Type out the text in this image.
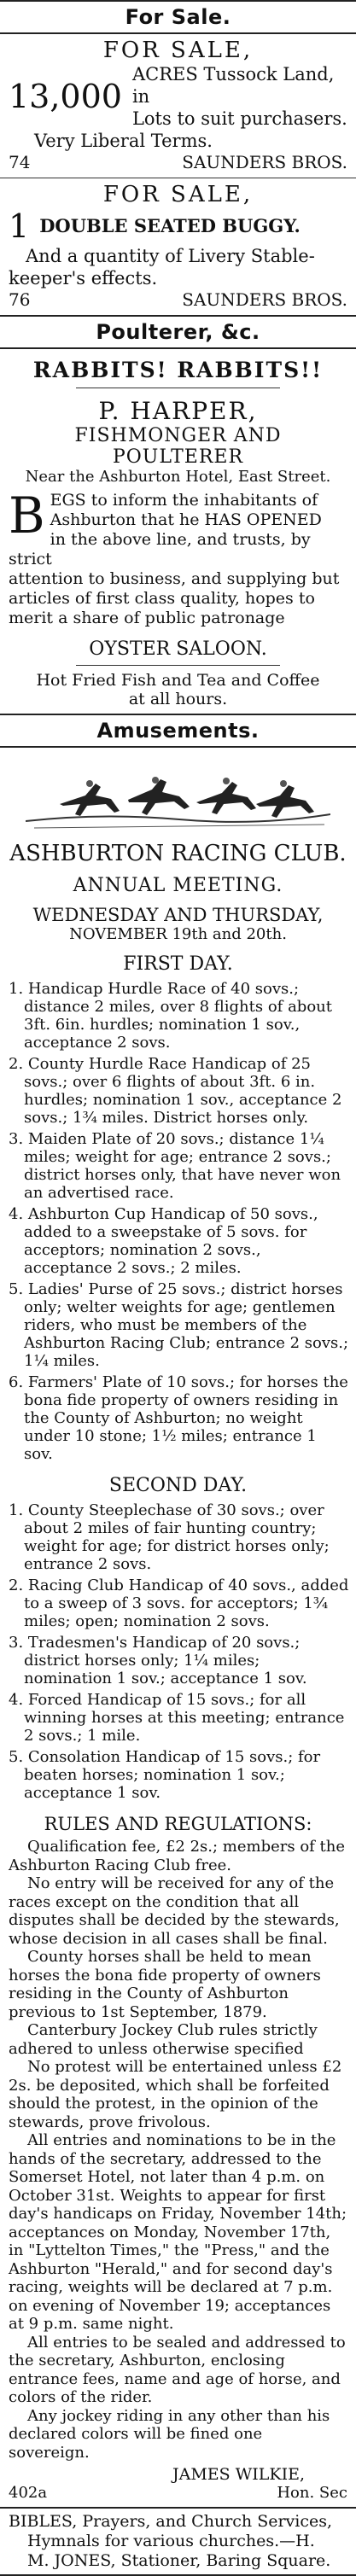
For Sale.
FOR SALE,
13,000
ACRES Tussock Land, in
Lots to suit purchasers.
Very Liberal Terms.
74	SAUNDERS BROS.
FOR SALE,
1 DOUBLE SEATED BUGGY.
And a quantity of Livery Stable-
keeper's effects.
76	SAUNDERS BROS.
Poulterer, &c.
RABBITS! RABBITS!!
P. HARPER,
FISHMONGER AND POULTERER
Near the Ashburton Hotel, East Street.
B EGS to inform the inhabitants of
Ashburton that he HAS OPENED
in the above line, and trusts, by strict
attention to business, and supplying but
articles of first class quality, hopes to
merit a share of public patronage
OYSTER SALOON.
Hot Fried Fish and Tea and Coffee
at all hours.
Amusements.
ASHBURTON RACING CLUB.
ANNUAL MEETING.
WEDNESDAY AND THURSDAY,
NOVEMBER 19th and 20th.
FIRST DAY.

1. Handicap Hurdle Race of 40 sovs.; distance 2 miles, over 8 flights of about 3ft. 6in. hurdles; nomination 1 sov., acceptance 2 sovs.

2. County Hurdle Race Handicap of 25 sovs.; over 6 flights of about 3ft. 6 in. hurdles; nomination 1 sov., acceptance 2 sovs.; 1¾ miles. District horses only.

3. Maiden Plate of 20 sovs.; distance 1¼ miles; weight for age; entrance 2 sovs.; district horses only, that have never won an advertised race.

4. Ashburton Cup Handicap of 50 sovs., added to a sweepstake of 5 sovs. for acceptors; nomination 2 sovs., acceptance 2 sovs.; 2 miles.

5. Ladies' Purse of 25 sovs.; district horses only; welter weights for age; gentlemen riders, who must be members of the Ashburton Racing Club; entrance 2 sovs.; 1¼ miles.

6. Farmers' Plate of 10 sovs.; for horses the bona fide property of owners residing in the County of Ashburton; no weight under 10 stone; 1½ miles; entrance 1 sov.

SECOND DAY.

1. County Steeplechase of 30 sovs.; over about 2 miles of fair hunting country; weight for age; for district horses only; entrance 2 sovs.

2. Racing Club Handicap of 40 sovs., added to a sweep of 3 sovs. for acceptors; 1¾ miles; open; nomination 2 sovs.

3. Tradesmen's Handicap of 20 sovs.; district horses only; 1¼ miles; nomination 1 sov.; acceptance 1 sov.

4. Forced Handicap of 15 sovs.; for all winning horses at this meeting; entrance 2 sovs.; 1 mile.

5. Consolation Handicap of 15 sovs.; for beaten horses; nomination 1 sov.; acceptance 1 sov.

RULES AND REGULATIONS:

Qualification fee, £2 2s.; members of the Ashburton Racing Club free.

No entry will be received for any of the races except on the condition that all disputes shall be decided by the stewards, whose decision in all cases shall be final.

County horses shall be held to mean horses the bona fide property of owners residing in the County of Ashburton previous to 1st September, 1879.

Canterbury Jockey Club rules strictly adhered to unless otherwise specified

No protest will be entertained unless £2 2s. be deposited, which shall be forfeited should the protest, in the opinion of the stewards, prove frivolous.

All entries and nominations to be in the hands of the secretary, addressed to the Somerset Hotel, not later than 4 p.m. on October 31st. Weights to appear for first day's handicaps on Friday, November 14th; acceptances on Monday, November 17th, in "Lyttelton Times," the "Press," and the Ashburton "Herald," and for second day's racing, weights will be declared at 7 p.m. on evening of November 19; acceptances at 9 p.m. same night.

All entries to be sealed and addressed to the secretary, Ashburton, enclosing entrance fees, name and age of horse, and colors of the rider.

Any jockey riding in any other than his declared colors will be fined one sovereign.

JAMES WILKIE,
402a	Hon. Sec
BIBLES, Prayers, and Church Services,
Hymnals for various churches.—H.
M. JONES, Stationer, Baring Square.
